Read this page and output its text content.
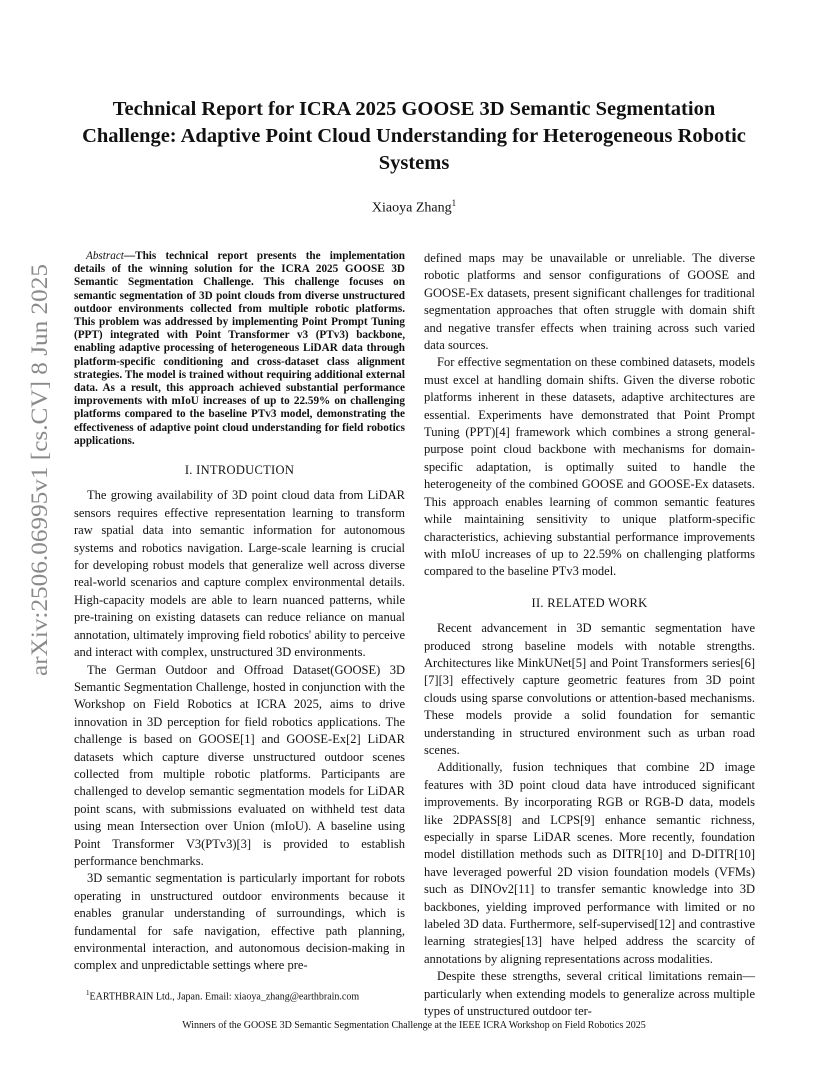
arXiv:2506.06995v1 [cs.CV] 8 Jun 2025
Technical Report for ICRA 2025 GOOSE 3D Semantic Segmentation Challenge: Adaptive Point Cloud Understanding for Heterogeneous Robotic Systems
Xiaoya Zhang$^1$

Abstract—This technical report presents the implementation details of the winning solution for the ICRA 2025 GOOSE 3D Semantic Segmentation Challenge. This challenge focuses on semantic segmentation of 3D point clouds from diverse unstructured outdoor environments collected from multiple robotic platforms. This problem was addressed by implementing Point Prompt Tuning (PPT) integrated with Point Transformer v3 (PTv3) backbone, enabling adaptive processing of heterogeneous LiDAR data through platform-specific conditioning and cross-dataset class alignment strategies. The model is trained without requiring additional external data. As a result, this approach achieved substantial performance improvements with mIoU increases of up to 22.59% on challenging platforms compared to the baseline PTv3 model, demonstrating the effectiveness of adaptive point cloud understanding for field robotics applications.

I. INTRODUCTION

The growing availability of 3D point cloud data from LiDAR sensors requires effective representation learning to transform raw spatial data into semantic information for autonomous systems and robotics navigation. Large-scale learning is crucial for developing robust models that generalize well across diverse real-world scenarios and capture complex environmental details. High-capacity models are able to learn nuanced patterns, while pre-training on existing datasets can reduce reliance on manual annotation, ultimately improving field robotics' ability to perceive and interact with complex, unstructured 3D environments.

The German Outdoor and Offroad Dataset(GOOSE) 3D Semantic Segmentation Challenge, hosted in conjunction with the Workshop on Field Robotics at ICRA 2025, aims to drive innovation in 3D perception for field robotics applications. The challenge is based on GOOSE[1] and GOOSE-Ex[2] LiDAR datasets which capture diverse unstructured outdoor scenes collected from multiple robotic platforms. Participants are challenged to develop semantic segmentation models for LiDAR point scans, with submissions evaluated on withheld test data using mean Intersection over Union (mIoU). A baseline using Point Transformer V3(PTv3)[3] is provided to establish performance benchmarks.

3D semantic segmentation is particularly important for robots operating in unstructured outdoor environments because it enables granular understanding of surroundings, which is fundamental for safe navigation, effective path planning, environmental interaction, and autonomous decision-making in complex and unpredictable settings where pre-

$^1$EARTHBRAIN Ltd., Japan. Email: xiaoya_zhang@earthbrain.com

defined maps may be unavailable or unreliable. The diverse robotic platforms and sensor configurations of GOOSE and GOOSE-Ex datasets, present significant challenges for traditional segmentation approaches that often struggle with domain shift and negative transfer effects when training across such varied data sources.

For effective segmentation on these combined datasets, models must excel at handling domain shifts. Given the diverse robotic platforms inherent in these datasets, adaptive architectures are essential. Experiments have demonstrated that Point Prompt Tuning (PPT)[4] framework which combines a strong general-purpose point cloud backbone with mechanisms for domain-specific adaptation, is optimally suited to handle the heterogeneity of the combined GOOSE and GOOSE-Ex datasets. This approach enables learning of common semantic features while maintaining sensitivity to unique platform-specific characteristics, achieving substantial performance improvements with mIoU increases of up to 22.59% on challenging platforms compared to the baseline PTv3 model.

II. RELATED WORK

Recent advancement in 3D semantic segmentation have produced strong baseline models with notable strengths. Architectures like MinkUNet[5] and Point Transformers series[6][7][3] effectively capture geometric features from 3D point clouds using sparse convolutions or attention-based mechanisms. These models provide a solid foundation for semantic understanding in structured environment such as urban road scenes.

Additionally, fusion techniques that combine 2D image features with 3D point cloud data have introduced significant improvements. By incorporating RGB or RGB-D data, models like 2DPASS[8] and LCPS[9] enhance semantic richness, especially in sparse LiDAR scenes. More recently, foundation model distillation methods such as DITR[10] and D-DITR[10] have leveraged powerful 2D vision foundation models (VFMs) such as DINOv2[11] to transfer semantic knowledge into 3D backbones, yielding improved performance with limited or no labeled 3D data. Furthermore, self-supervised[12] and contrastive learning strategies[13] have helped address the scarcity of annotations by aligning representations across modalities.

Despite these strengths, several critical limitations remain—particularly when extending models to generalize across multiple types of unstructured outdoor ter-

Winners of the GOOSE 3D Semantic Segmentation Challenge at the IEEE ICRA Workshop on Field Robotics 2025
